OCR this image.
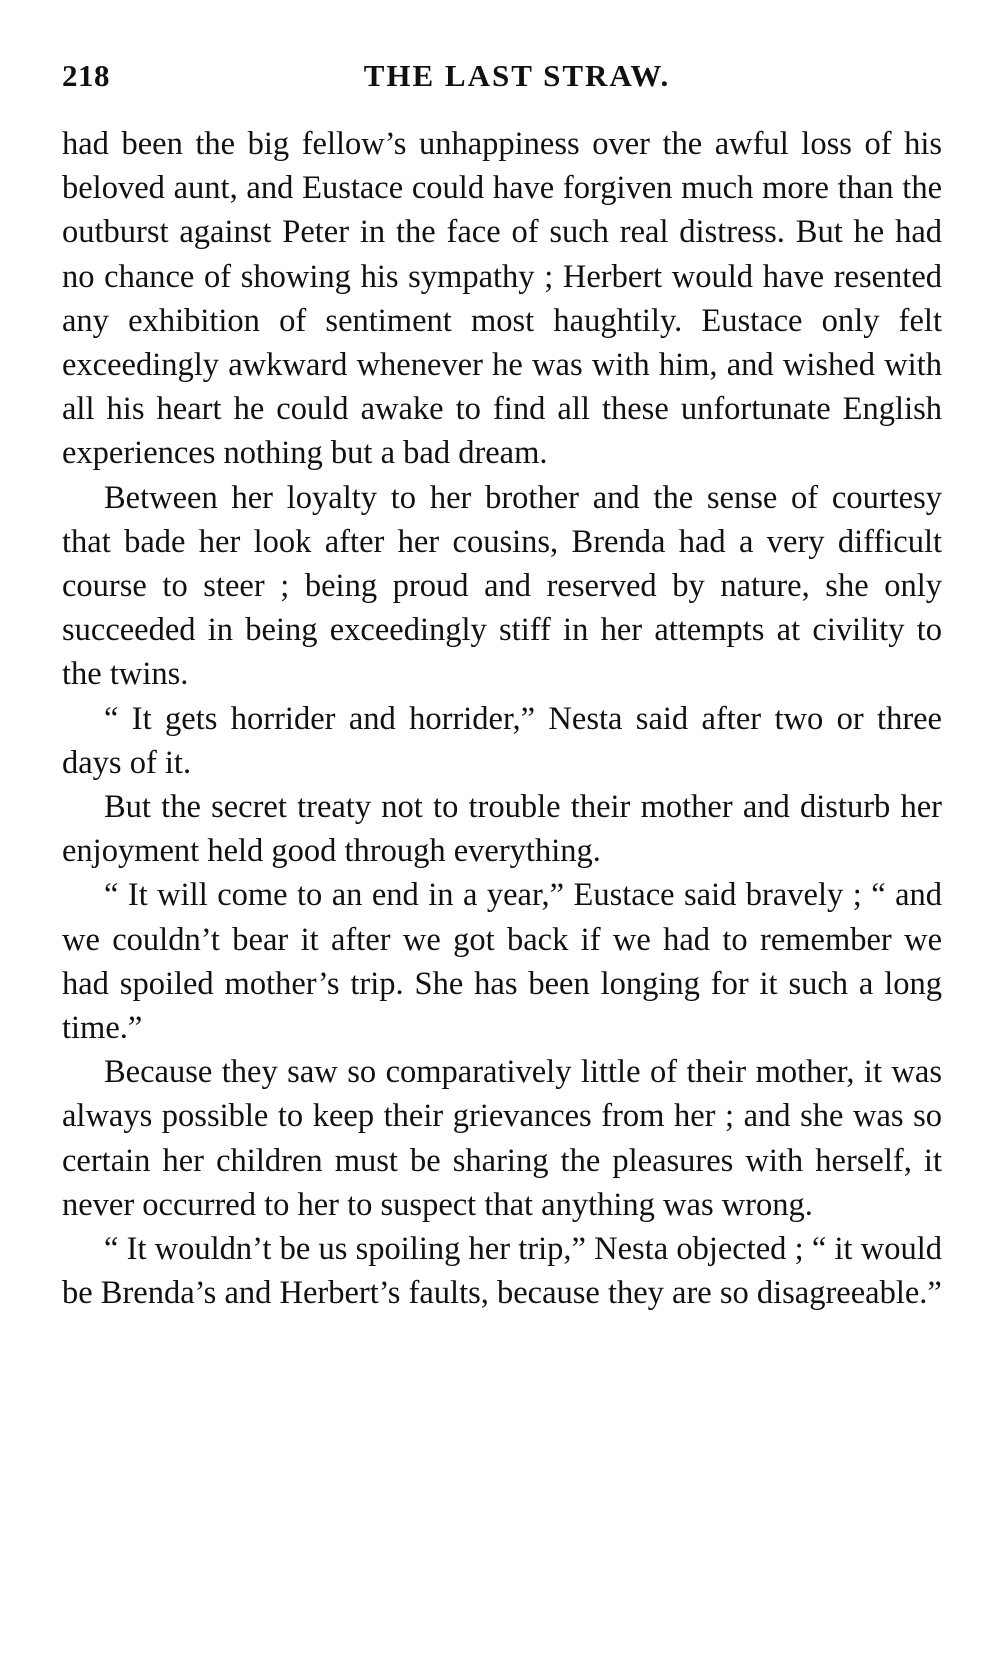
218	THE LAST STRAW.

had been the big fellow’s unhappiness over the awful loss of his beloved aunt, and Eustace could have forgiven much more than the outburst against Peter in the face of such real distress. But he had no chance of showing his sympathy ; Herbert would have resented any exhibition of sentiment most haughtily. Eustace only felt exceedingly awkward whenever he was with him, and wished with all his heart he could awake to find all these unfortunate English experiences nothing but a bad dream.

Between her loyalty to her brother and the sense of courtesy that bade her look after her cousins, Brenda had a very difficult course to steer ; being proud and reserved by nature, she only succeeded in being exceedingly stiff in her attempts at civility to the twins.

“ It gets horrider and horrider,” Nesta said after two or three days of it.

But the secret treaty not to trouble their mother and disturb her enjoyment held good through everything.

“ It will come to an end in a year,” Eustace said bravely ; “ and we couldn’t bear it after we got back if we had to remember we had spoiled mother’s trip. She has been longing for it such a long time.”

Because they saw so comparatively little of their mother, it was always possible to keep their grievances from her ; and she was so certain her children must be sharing the pleasures with herself, it never occurred to her to suspect that anything was wrong.

“ It wouldn’t be us spoiling her trip,” Nesta objected ; “ it would be Brenda’s and Herbert’s faults, because they are so disagreeable.”
